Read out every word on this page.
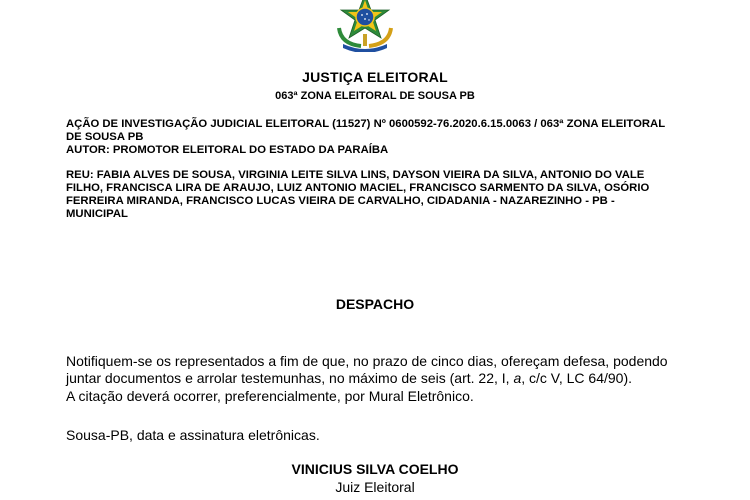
JUSTIÇA ELEITORAL
063ª ZONA ELEITORAL DE SOUSA PB
AÇÃO DE INVESTIGAÇÃO JUDICIAL ELEITORAL (11527) Nº 0600592-76.2020.6.15.0063 / 063ª ZONA ELEITORAL DE SOUSA PB
AUTOR: PROMOTOR ELEITORAL DO ESTADO DA PARAÍBA
REU: FABIA ALVES DE SOUSA, VIRGINIA LEITE SILVA LINS, DAYSON VIEIRA DA SILVA, ANTONIO DO VALE FILHO, FRANCISCA LIRA DE ARAUJO, LUIZ ANTONIO MACIEL, FRANCISCO SARMENTO DA SILVA, OSÓRIO FERREIRA MIRANDA, FRANCISCO LUCAS VIEIRA DE CARVALHO, CIDADANIA - NAZAREZINHO - PB - MUNICIPAL
DESPACHO
Notifiquem-se os representados a fim de que, no prazo de cinco dias, ofereçam defesa, podendo juntar documentos e arrolar testemunhas, no máximo de seis (art. 22, I, a, c/c V, LC 64/90).
A citação deverá ocorrer, preferencialmente, por Mural Eletrônico.
Sousa-PB, data e assinatura eletrônicas.
VINICIUS SILVA COELHO
Juiz Eleitoral
